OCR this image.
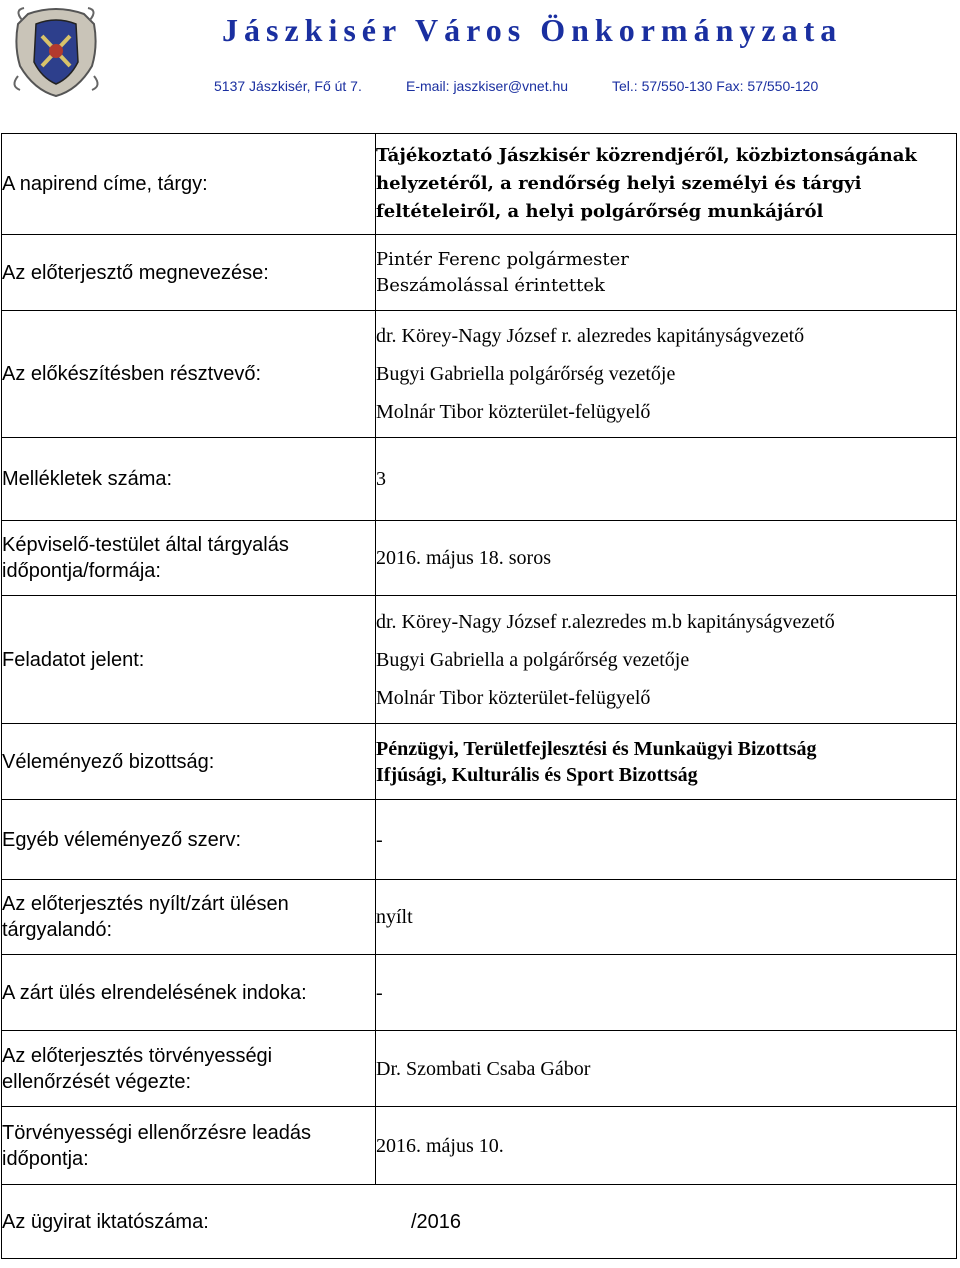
Jászkisér Város Önkormányzata
5137 Jászkisér, Fő út 7.	E-mail: jaszkiser@vnet.hu	Tel.: 57/550-130 Fax: 57/550-120
A napirend címe, tárgy:	Tájékoztató Jászkisér közrendjéről, közbiztonságának
helyzetéről, a rendőrség helyi személyi és tárgyi
feltételeiről, a helyi polgárőrség munkájáról

Az előterjesztő megnevezése:	Pintér Ferenc polgármester
Beszámolással érintettek

Az előkészítésben résztvevő:	dr. Körey-Nagy József r. alezredes kapitányságvezető
Bugyi Gabriella polgárőrség vezetője
Molnár Tibor közterület-felügyelő

Mellékletek száma:	3

Képviselő-testület által tárgyalás
időpontja/formája:	2016. május 18. soros
Feladatot jelent:	dr. Körey-Nagy József r.alezredes m.b kapitányságvezető
Bugyi Gabriella a polgárőrség vezetője
Molnár Tibor közterület-felügyelő

Véleményező bizottság:	Pénzügyi, Területfejlesztési és Munkaügyi Bizottság
Ifjúsági, Kulturális és Sport Bizottság

Egyéb véleményező szerv:	-

Az előterjesztés nyílt/zárt ülésen
tárgyalandó:	nyílt
A zárt ülés elrendelésének indoka:	-

Az előterjesztés törvényességi
ellenőrzését végezte:	Dr. Szombati Csaba Gábor

Törvényességi ellenőrzésre leadás
időpontja:	2016. május 10.
Az ügyirat iktatószáma: /2016	
